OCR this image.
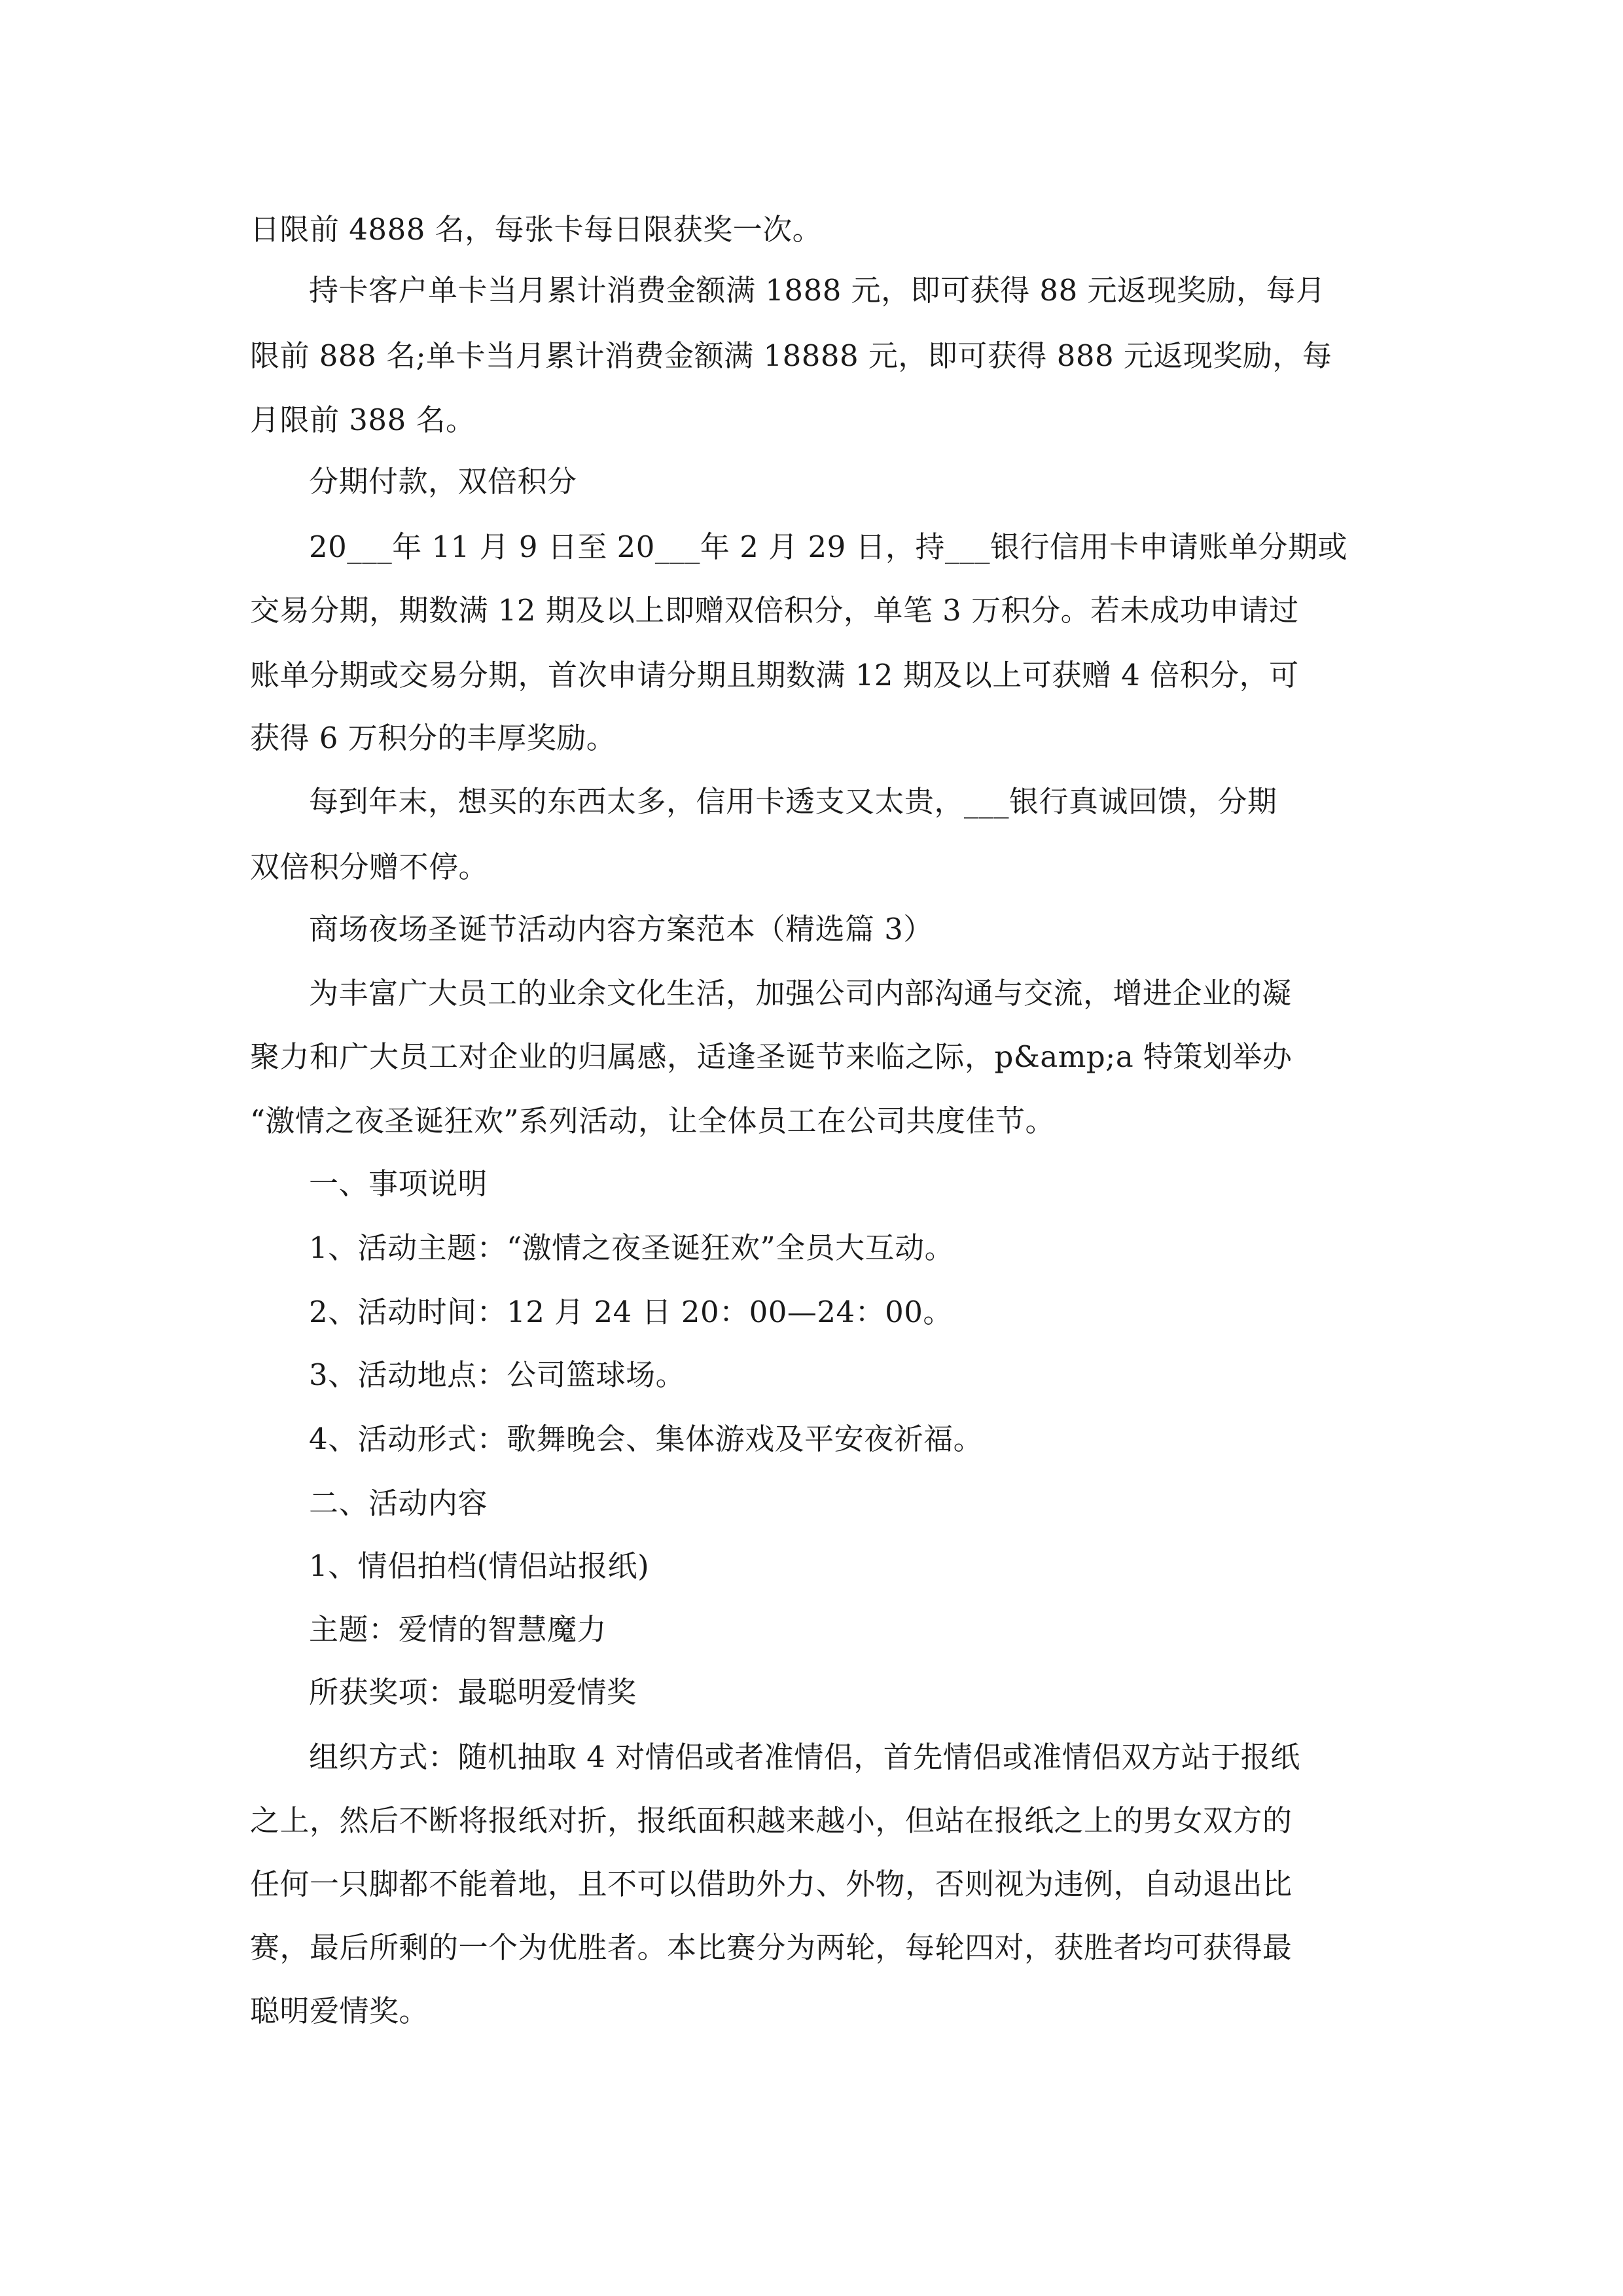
日限前 4888 名，每张卡每日限获奖一次。
持卡客户单卡当月累计消费金额满 1888 元，即可获得 88 元返现奖励，每月
限前 888 名;单卡当月累计消费金额满 18888 元，即可获得 888 元返现奖励，每
月限前 388 名。
分期付款，双倍积分
20___年 11 月 9 日至 20___年 2 月 29 日，持___银行信用卡申请账单分期或
交易分期，期数满 12 期及以上即赠双倍积分，单笔 3 万积分。若未成功申请过
账单分期或交易分期，首次申请分期且期数满 12 期及以上可获赠 4 倍积分，可
获得 6 万积分的丰厚奖励。
每到年末，想买的东西太多，信用卡透支又太贵，___银行真诚回馈，分期
双倍积分赠不停。
商场夜场圣诞节活动内容方案范本（精选篇 3）
为丰富广大员工的业余文化生活，加强公司内部沟通与交流，增进企业的凝
聚力和广大员工对企业的归属感，适逢圣诞节来临之际，p&amp;a 特策划举办
“激情之夜圣诞狂欢”系列活动，让全体员工在公司共度佳节。
一、事项说明
1、活动主题：“激情之夜圣诞狂欢”全员大互动。
2、活动时间：12 月 24 日 20：00—24：00。
3、活动地点：公司篮球场。
4、活动形式：歌舞晚会、集体游戏及平安夜祈福。
二、活动内容
1、情侣拍档(情侣站报纸)
主题：爱情的智慧魔力
所获奖项：最聪明爱情奖
组织方式：随机抽取 4 对情侣或者准情侣，首先情侣或准情侣双方站于报纸
之上，然后不断将报纸对折，报纸面积越来越小，但站在报纸之上的男女双方的
任何一只脚都不能着地，且不可以借助外力、外物，否则视为违例，自动退出比
赛，最后所剩的一个为优胜者。本比赛分为两轮，每轮四对，获胜者均可获得最
聪明爱情奖。
